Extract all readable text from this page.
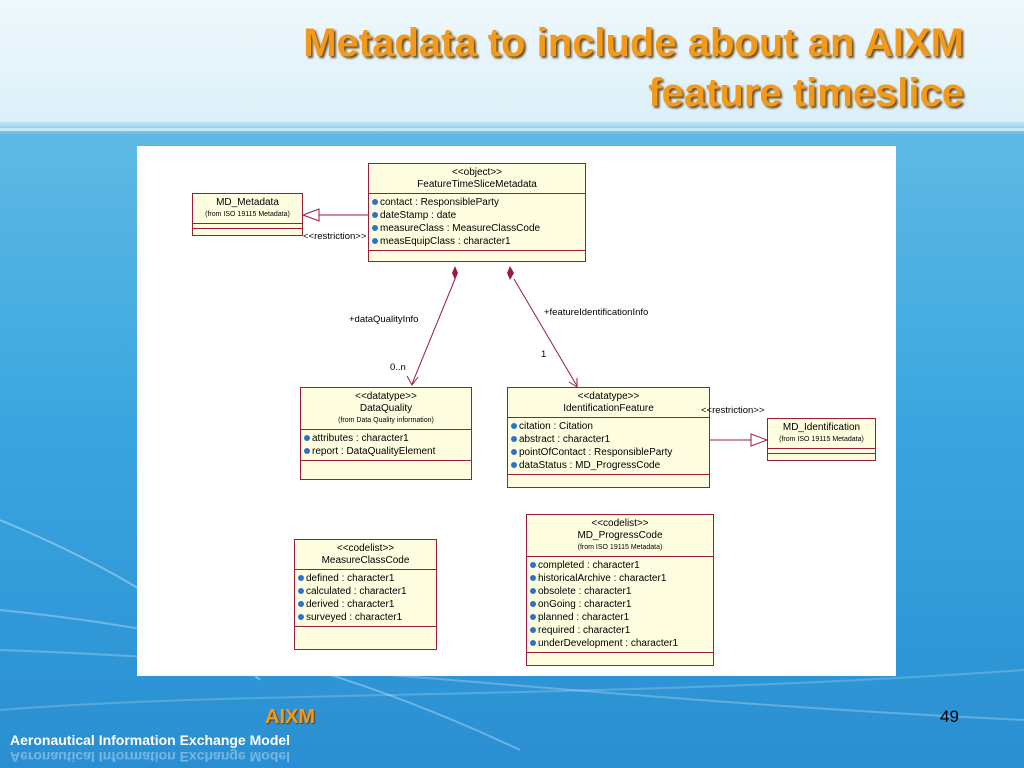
Metadata to include about an AIXM
feature timeslice
<<object>>
FeatureTimeSliceMetadata
contact : ResponsibleParty
dateStamp : date
measureClass : MeasureClassCode
measEquipClass : character1
MD_Metadata
(from ISO 19115 Metadata)
<<datatype>>
DataQuality
(from Data Quality information)
attributes : character1
report : DataQualityElement
<<datatype>>
IdentificationFeature
citation : Citation
abstract : character1
pointOfContact : ResponsibleParty
dataStatus : MD_ProgressCode
MD_Identification
(from ISO 19115 Metadata)
<<codelist>>
MeasureClassCode
defined : character1
calculated : character1
derived : character1
surveyed : character1
<<codelist>>
MD_ProgressCode
(from ISO 19115 Metadata)
completed : character1
historicalArchive : character1
obsolete : character1
onGoing : character1
planned : character1
required : character1
underDevelopment : character1
<<restriction>>
<<restriction>>
+dataQualityInfo
0..n
+featureIdentificationInfo
1
AIXM
Aeronautical Information Exchange Model
Aeronautical Information Exchange Model
49
